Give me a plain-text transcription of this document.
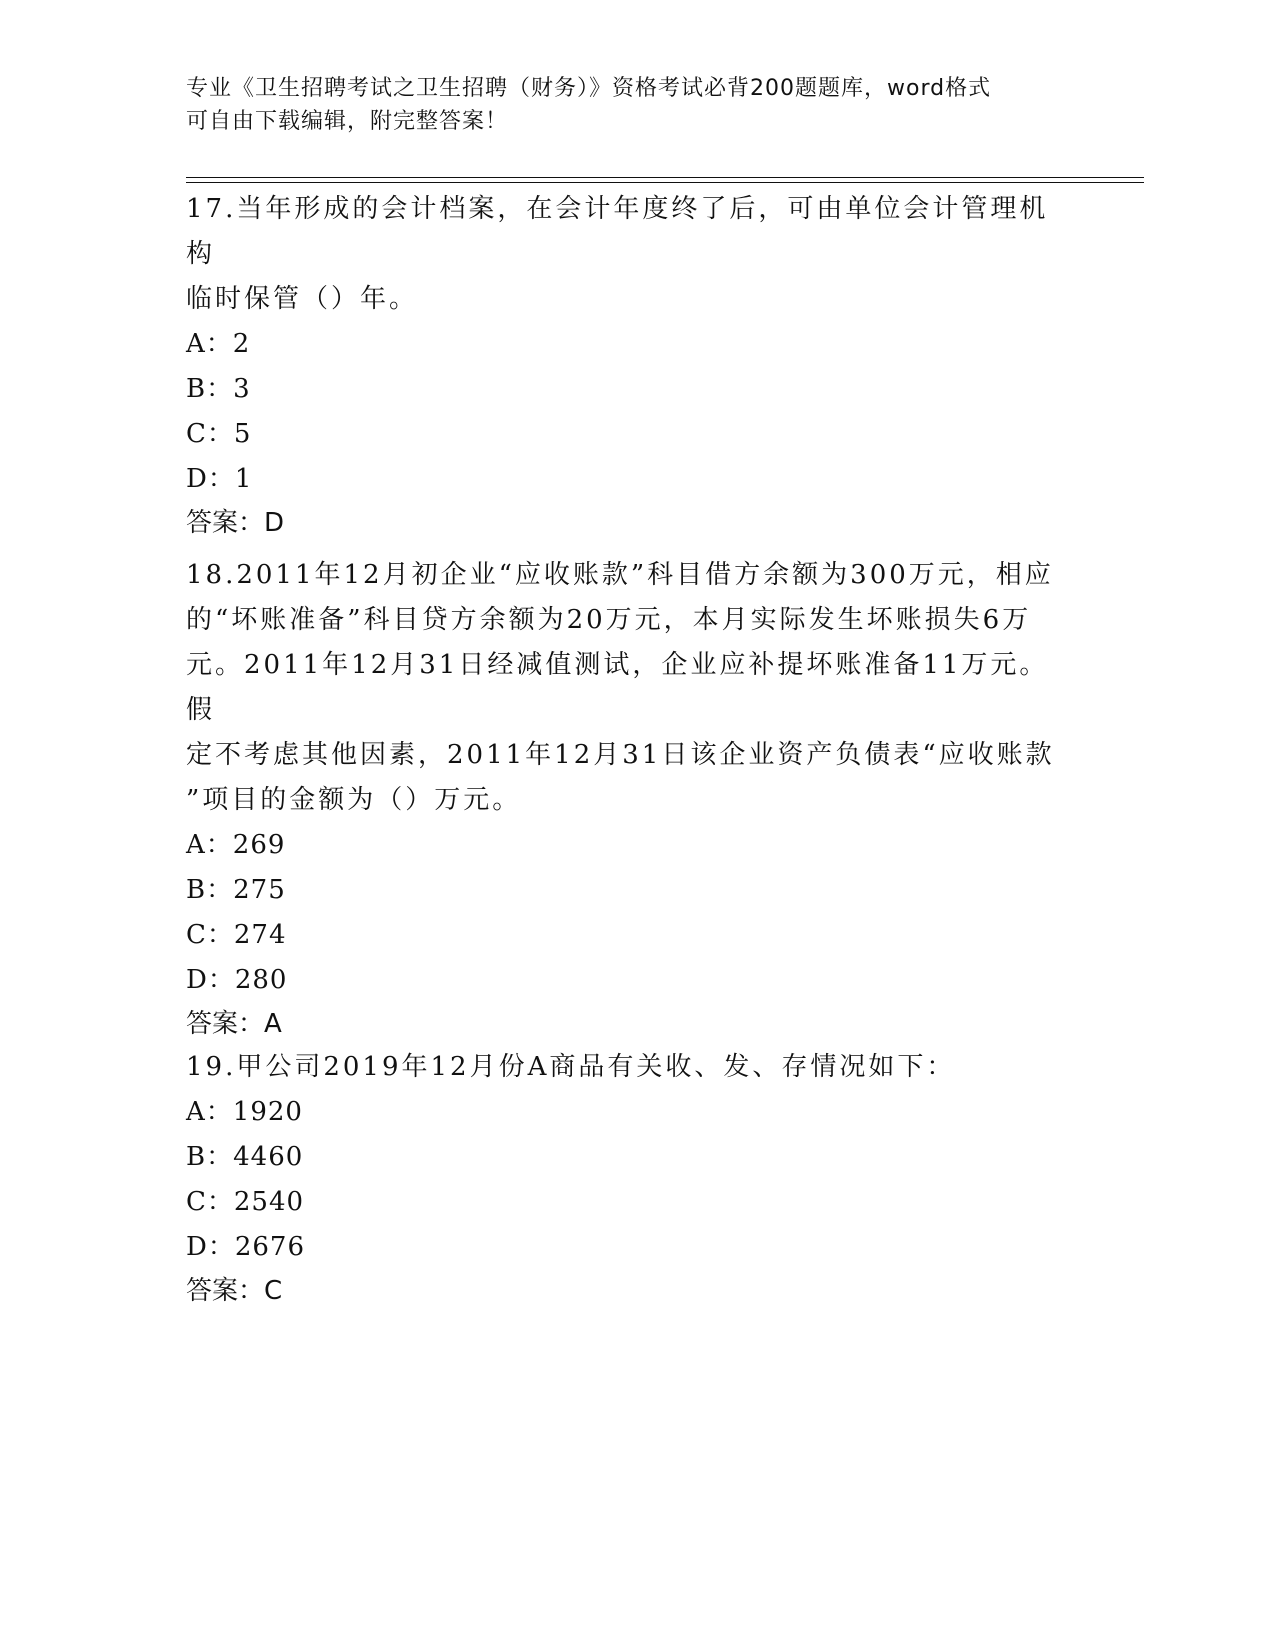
专业《卫生招聘考试之卫生招聘（财务）》资格考试必背200题题库，word格式
可自由下载编辑，附完整答案！

17.当年形成的会计档案，在会计年度终了后，可由单位会计管理机构

临时保管（）年。

A：2

B：3

C：5

D：1

答案：D

18.2011年12月初企业“应收账款”科目借方余额为300万元，相应

的“坏账准备”科目贷方余额为20万元，本月实际发生坏账损失6万

元。2011年12月31日经减值测试，企业应补提坏账准备11万元。假

定不考虑其他因素，2011年12月31日该企业资产负债表“应收账款

”项目的金额为（）万元。

A：269

B：275

C：274

D：280

答案：A

19.甲公司2019年12月份A商品有关收、发、存情况如下：

A：1920

B：4460

C：2540

D：2676

答案：C
